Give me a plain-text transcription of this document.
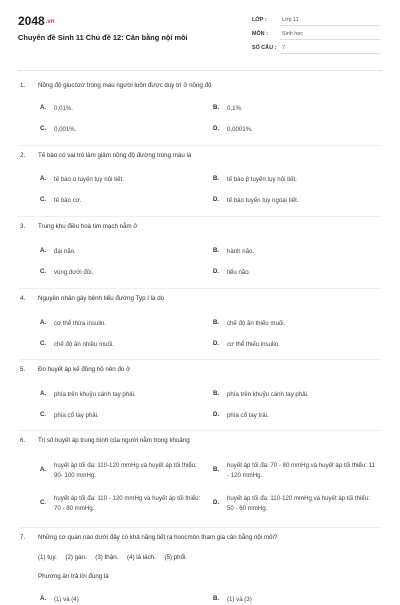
2048.vn
Chuyên đề Sinh 11 Chủ đề 12: Cân bằng nội môi
LỚP :	Lớp 11
MÔN :	Sinh học
SỐ CÂU : 7
1. Nồng độ glucôzơ trong máu người luôn được duy trì ở nồng độ
A. 0,01%.	B. 0,1%.
C. 0,001%.	D. 0,0001%.
2. Tế bào có vai trò làm giảm nồng độ đường trong máu là
A. tế bào α tuyến tụy nội tiết.	B. tế bào β tuyến tụy nội tiết.
C. tế bào cơ.	D. tế bào tuyến tụy ngoại tiết.
3. Trung khu điều hoà tim mạch nằm ở
A. đại não.	B. hành não.
C. vùng dưới đồi.	D. tiểu não.
4. Nguyên nhân gây bệnh tiểu đường Typ I là do
A. cơ thể thừa insulin.	B. chế độ ăn thiếu muối.
C. chế độ ăn nhiều muối.	D. cơ thể thiếu insulin.
5. Đo huyết áp kế đồng hồ nên đo ở
A. phía trên khuỷu cánh tay phải.	B. phía trên khuỷu cánh tay phải.
C. phía cổ tay phải.	D. phía cổ tay trái.
6. Trị số huyết áp trung bình của người nằm trong khoảng
A.
huyết áp tối đa: 110-120 mmHg và huyết áp tối thiểu: 90- 100 mmHg.
B.
huyết áp tối đa: 70 - 80 mmHg và huyết áp tối thiểu: 11 - 120 mmHg.
C.
huyết áp tối đa: 110 - 120 mmHg và huyết áp tối thiểu: 70 - 80 mmHg.
D.
huyết áp tối đa: 110-120 mmHg và huyết áp tối thiểu: 50 - 60 mmHg.
7. Những cơ quan nào dưới đây có khả năng tiết ra hoocmôn tham gia cân bằng nội môi?
(1) tụy.     (2) gan.     (3) thận.     (4) lá lách.     (5) phổi.
Phương án trả lời đúng là
A. (1) và (4)	B. (1) và (3)
